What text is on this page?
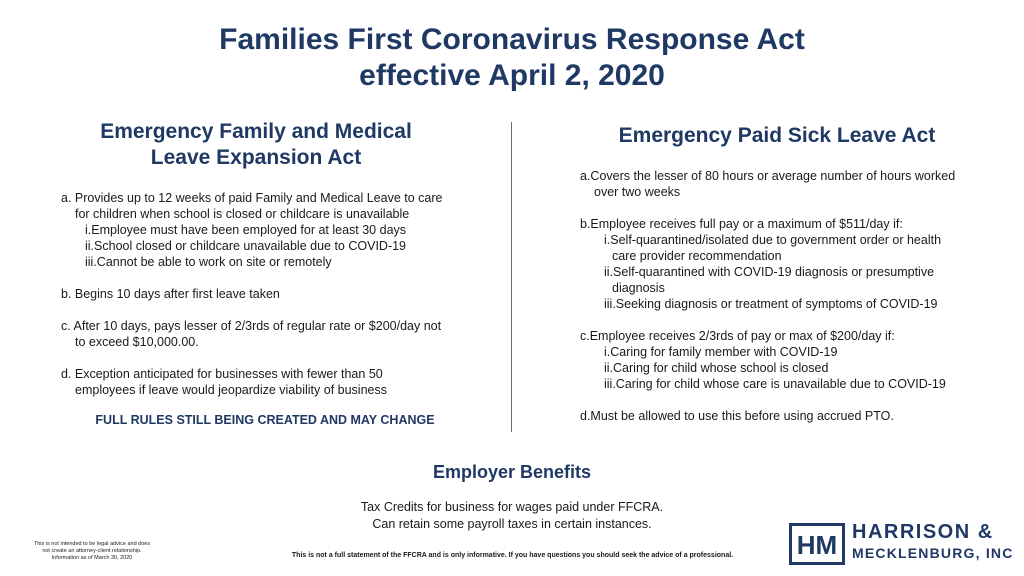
Families First Coronavirus Response Act
effective April 2, 2020
Emergency Family and Medical
Leave Expansion Act
Emergency Paid Sick Leave Act
a. Provides up to 12 weeks of paid Family and Medical Leave to care
for children when school is closed or childcare is unavailable
i.Employee must have been employed for at least 30 days
ii.School closed or childcare unavailable due to COVID-19
iii.Cannot be able to work on site or remotely
b. Begins 10 days after first leave taken
c. After 10 days, pays lesser of 2/3rds of regular rate or $200/day not
to exceed $10,000.00.
d. Exception anticipated for businesses with fewer than 50
employees if leave would jeopardize viability of business
FULL RULES STILL BEING CREATED AND MAY CHANGE
a.Covers the lesser of 80 hours or average number of hours worked
over two weeks
b.Employee receives full pay or a maximum of $511/day if:
i.Self-quarantined/isolated due to government order or health
care provider recommendation
ii.Self-quarantined with COVID-19 diagnosis or presumptive
diagnosis
iii.Seeking diagnosis or treatment of symptoms of COVID-19
c.Employee receives 2/3rds of pay or max of $200/day if:
i.Caring for family member with COVID-19
ii.Caring for child whose school is closed
iii.Caring for child whose care is unavailable due to COVID-19
d.Must be allowed to use this before using accrued PTO.
Employer Benefits
Tax Credits for business for wages paid under FFCRA.
Can retain some payroll taxes in certain instances.
This is not intended to be legal advice and does
not create an attorney-client relationship.
Information as of March 30, 2020	This is not a full statement of the FFCRA and is only informative. If you have questions you should seek the advice of a professional.	HM HARRISON &
MECKLENBURG, INC
